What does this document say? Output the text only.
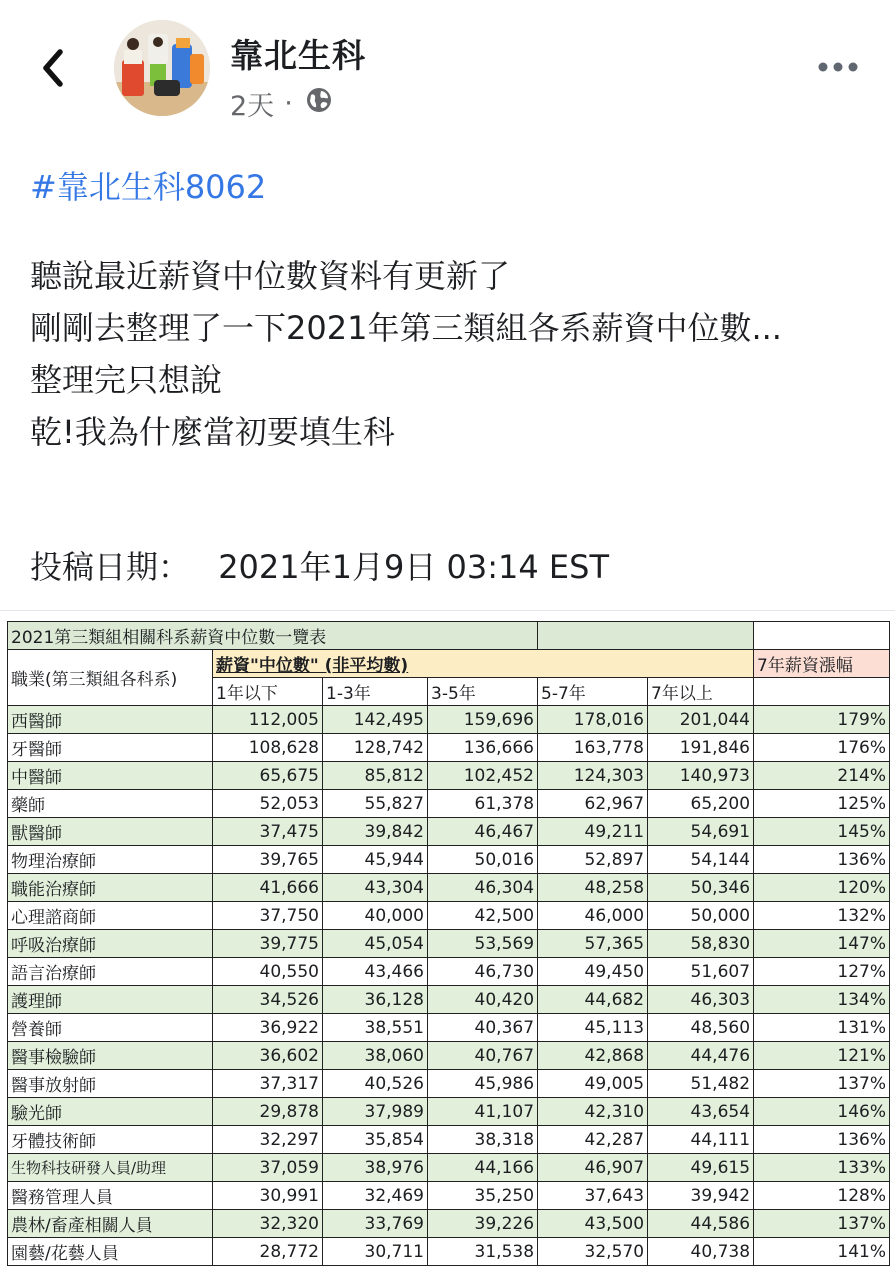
靠北生科
2天 ·
#靠北生科8062
聽說最近薪資中位數資料有更新了
剛剛去整理了一下2021年第三類組各系薪資中位數...
整理完只想說
乾!我為什麼當初要填生科
投稿日期： 2021年1月9日 03:14 EST
2021第三類組相關科系薪資中位數一覽表						
職業(第三類組各科系)	薪資"中位數" (非平均數)					7年薪資漲幅
	1年以下	1-3年	3-5年	5-7年	7年以上	
西醫師	112,005	142,495	159,696	178,016	201,044	179%
牙醫師	108,628	128,742	136,666	163,778	191,846	176%
中醫師	65,675	85,812	102,452	124,303	140,973	214%
藥師	52,053	55,827	61,378	62,967	65,200	125%
獸醫師	37,475	39,842	46,467	49,211	54,691	145%
物理治療師	39,765	45,944	50,016	52,897	54,144	136%
職能治療師	41,666	43,304	46,304	48,258	50,346	120%
心理諮商師	37,750	40,000	42,500	46,000	50,000	132%
呼吸治療師	39,775	45,054	53,569	57,365	58,830	147%
語言治療師	40,550	43,466	46,730	49,450	51,607	127%
護理師	34,526	36,128	40,420	44,682	46,303	134%
營養師	36,922	38,551	40,367	45,113	48,560	131%
醫事檢驗師	36,602	38,060	40,767	42,868	44,476	121%
醫事放射師	37,317	40,526	45,986	49,005	51,482	137%
驗光師	29,878	37,989	41,107	42,310	43,654	146%
牙體技術師	32,297	35,854	38,318	42,287	44,111	136%
生物科技研發人員/助理	37,059	38,976	44,166	46,907	49,615	133%
醫務管理人員	30,991	32,469	35,250	37,643	39,942	128%
農林/畜產相關人員	32,320	33,769	39,226	43,500	44,586	137%
園藝/花藝人員	28,772	30,711	31,538	32,570	40,738	141%
